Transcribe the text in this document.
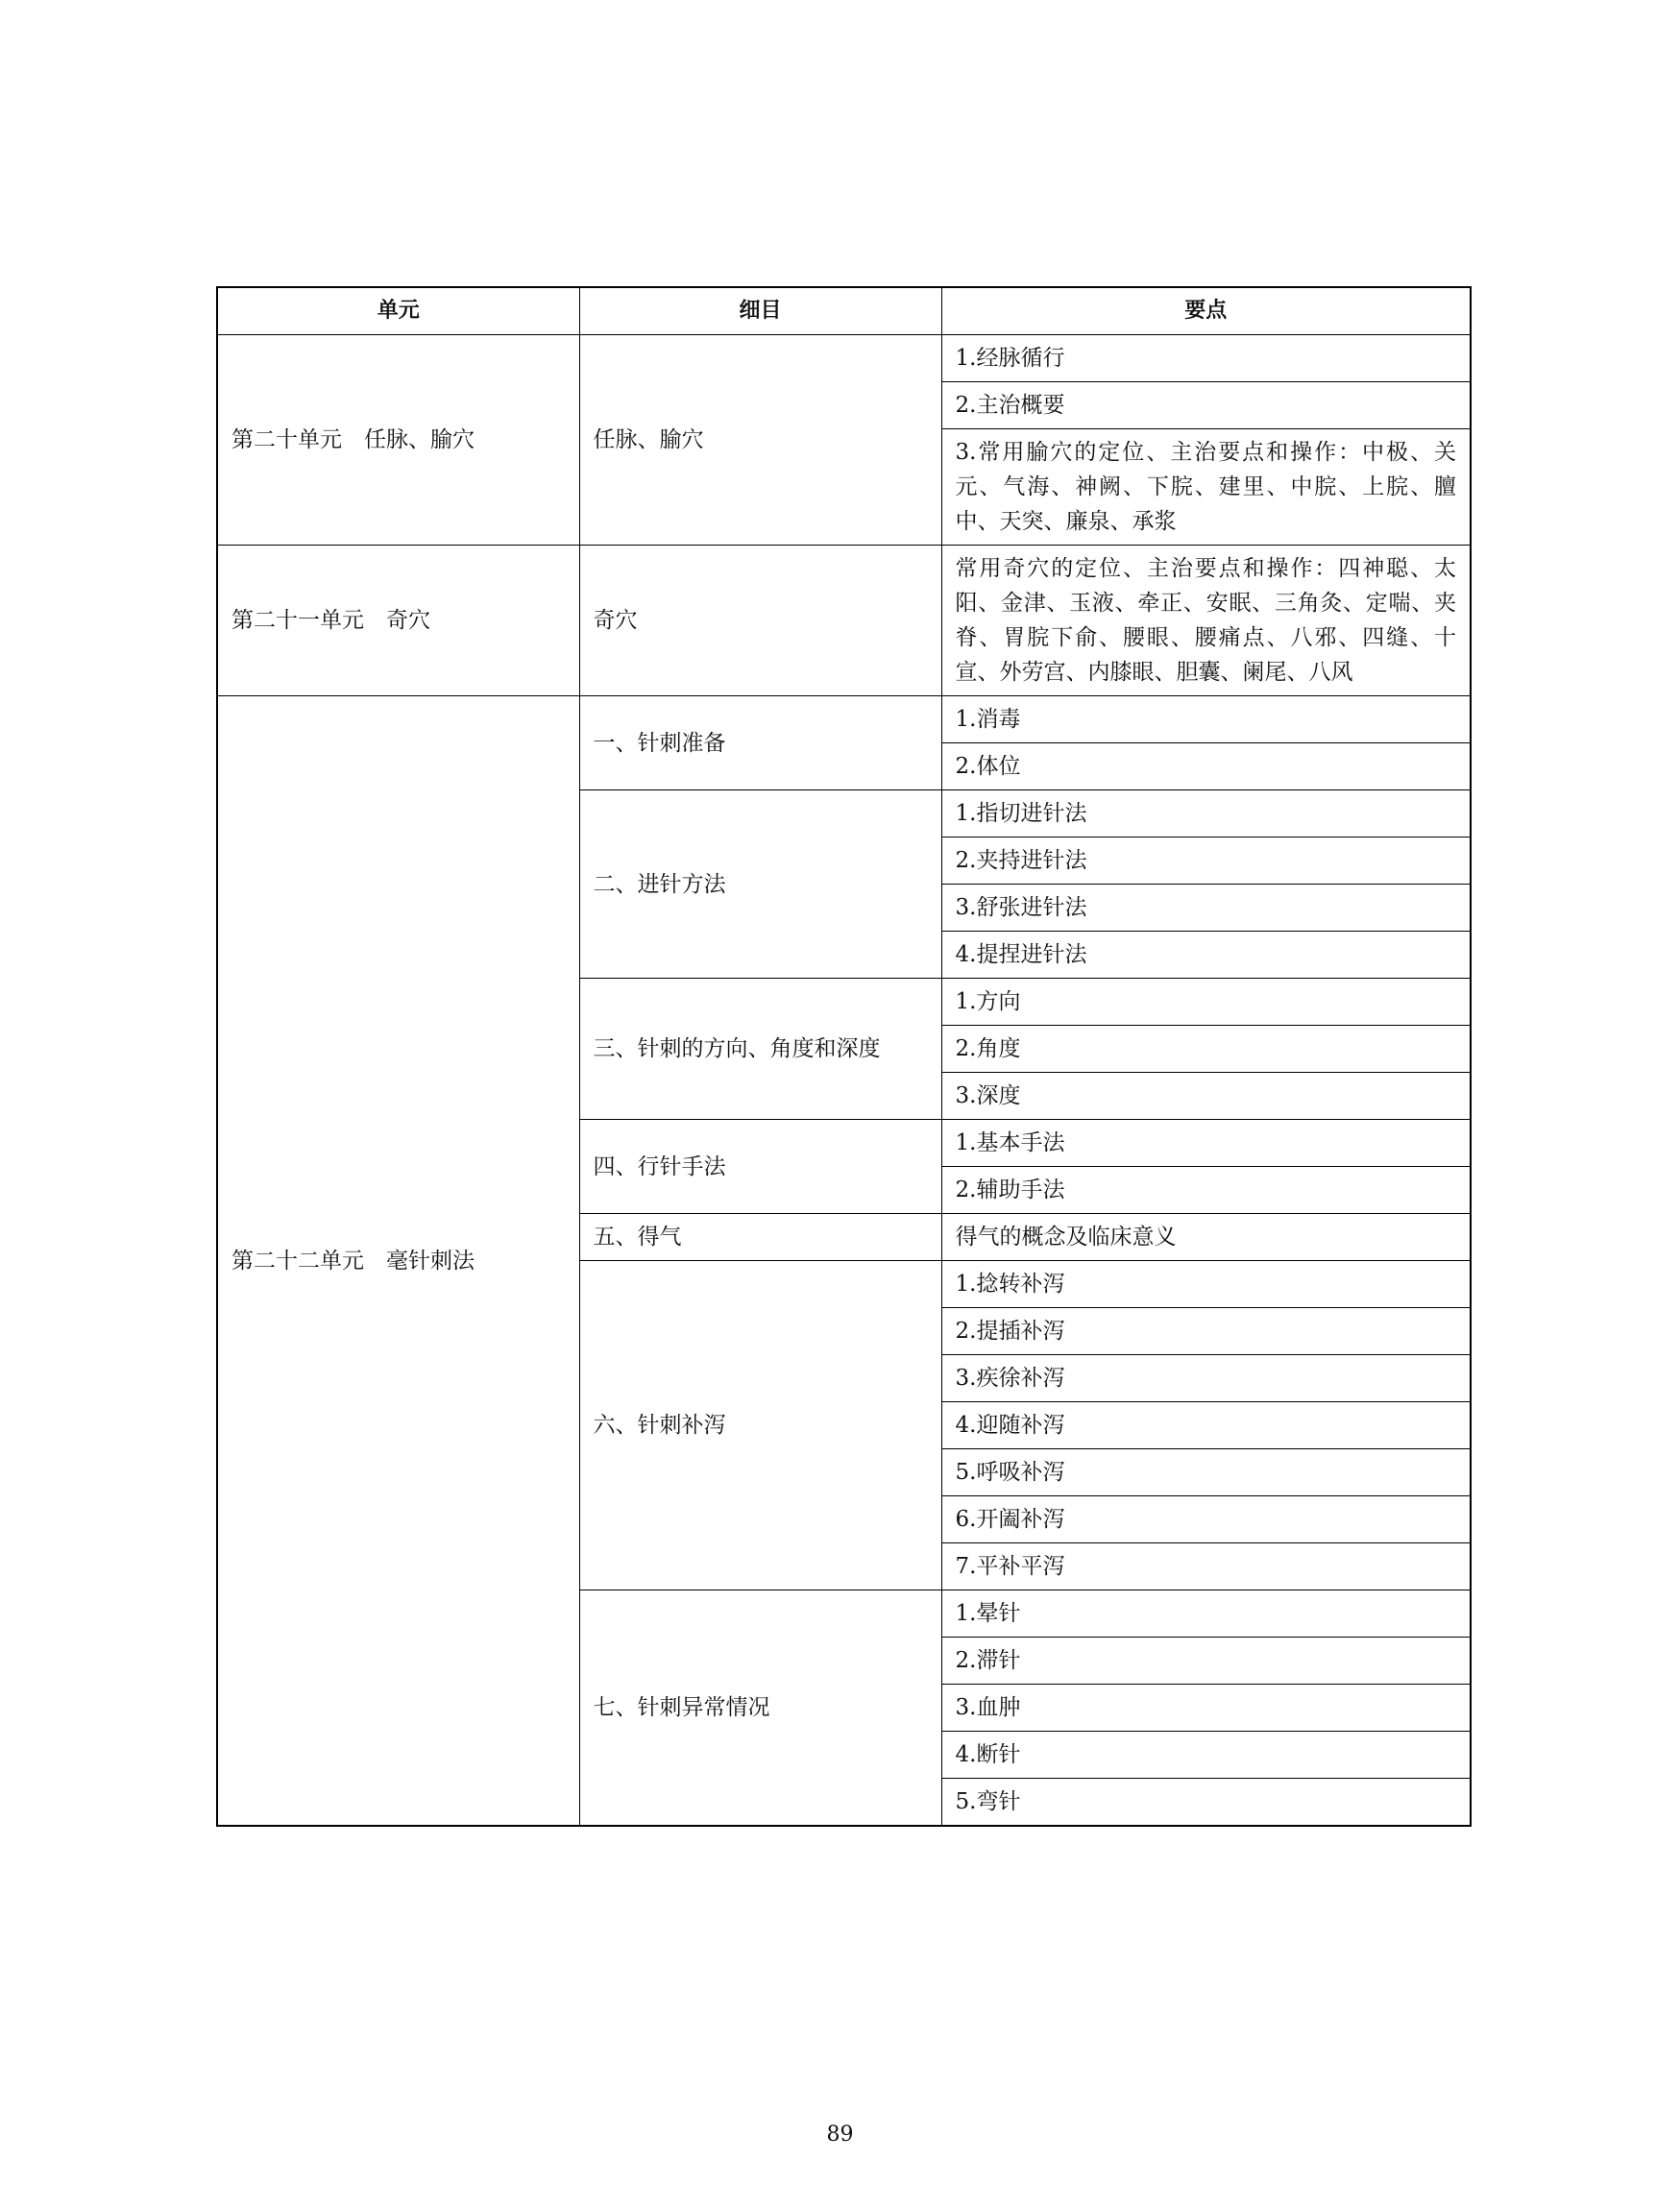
单元	细目	要点
第二十单元　任脉、腧穴	任脉、腧穴	1.经脉循行
		2.主治概要
		3.常用腧穴的定位、主治要点和操作：中极、关元、气海、神阙、下脘、建里、中脘、上脘、膻中、天突、廉泉、承浆
第二十一单元　奇穴	奇穴	常用奇穴的定位、主治要点和操作：四神聪、太阳、金津、玉液、牵正、安眠、三角灸、定喘、夹脊、胃脘下俞、腰眼、腰痛点、八邪、四缝、十宣、外劳宫、内膝眼、胆囊、阑尾、八风
第二十二单元　毫针刺法	一、针刺准备	1.消毒
		2.体位
	二、进针方法	1.指切进针法
		2.夹持进针法
		3.舒张进针法
		4.提捏进针法
	三、针刺的方向、角度和深度	1.方向
		2.角度
		3.深度
	四、行针手法	1.基本手法
		2.辅助手法
	五、得气	得气的概念及临床意义
	六、针刺补泻	1.捻转补泻
		2.提插补泻
		3.疾徐补泻
		4.迎随补泻
		5.呼吸补泻
		6.开阖补泻
		7.平补平泻
	七、针刺异常情况	1.晕针
		2.滞针
		3.血肿
		4.断针
		5.弯针
89
